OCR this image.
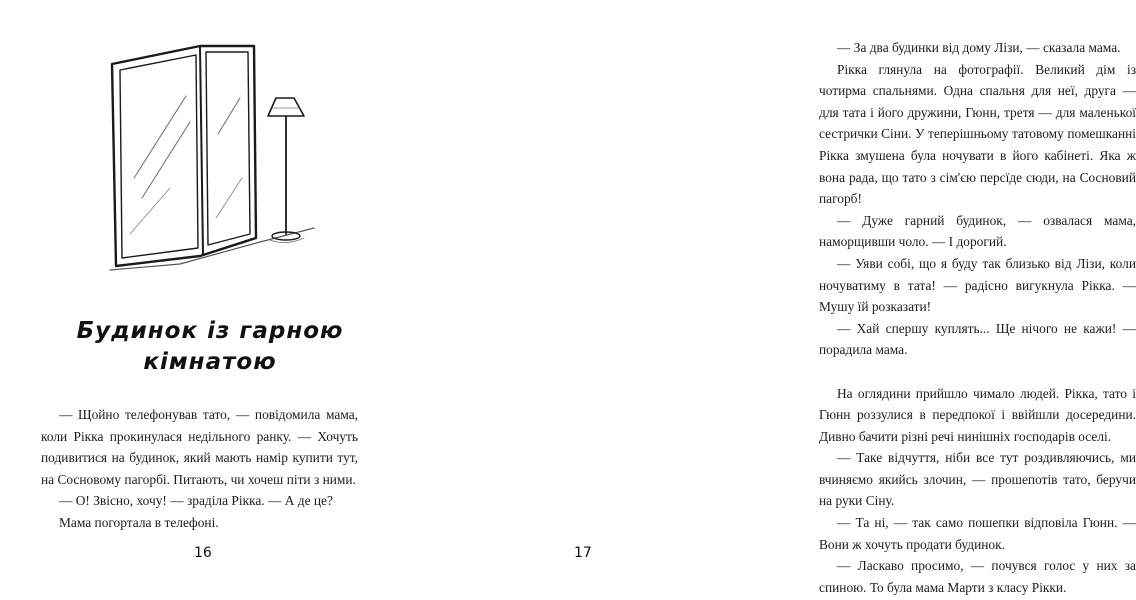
Будинок із гарною
кімнатою

— Щойно телефонував тато, — повідомила мама, коли Рікка прокинулася недільного ранку. — Хочуть подивитися на будинок, який мають намір купити тут, на Сосновому пагорбі. Питають, чи хочеш піти з ними.

— О! Звісно, хочу! — зраділа Рікка. — А де це?

Мама погортала в телефоні.

16

— За два будинки від дому Лізи, — сказала мама.

Рікка глянула на фотографії. Великий дім із чотирма спальнями. Одна спальня для неї, друга — для тата і його дружини, Гюнн, третя — для маленької сестрички Сіни. У теперішньому татовому помешканні Рікка змушена була ночувати в його кабінеті. Яка ж вона рада, що тато з сім'єю персїде сюди, на Сосновий пагорб!

— Дуже гарний будинок, — озвалася мама, наморщивши чоло. — І дорогий.

— Уяви собі, що я буду так близько від Лізи, коли ночуватиму в тата! — радісно вигукнула Рікка. — Мушу їй розказати!

— Хай спершу куплять... Ще нічого не кажи! — порадила мама.

На оглядини прийшло чимало людей. Рікка, тато і Гюнн роззулися в передпокої і ввійшли досередини. Дивно бачити різні речі нинішніх господарів оселі.

— Таке відчуття, ніби все тут роздивляючись, ми вчиняємо якийсь злочин, — прошепотів тато, беручи на руки Сіну.

— Та ні, — так само пошепки відповіла Гюнн. — Вони ж хочуть продати будинок.

— Ласкаво просимо, — почувся голос у них за спиною. То була мама Марти з класу Рікки.

17
